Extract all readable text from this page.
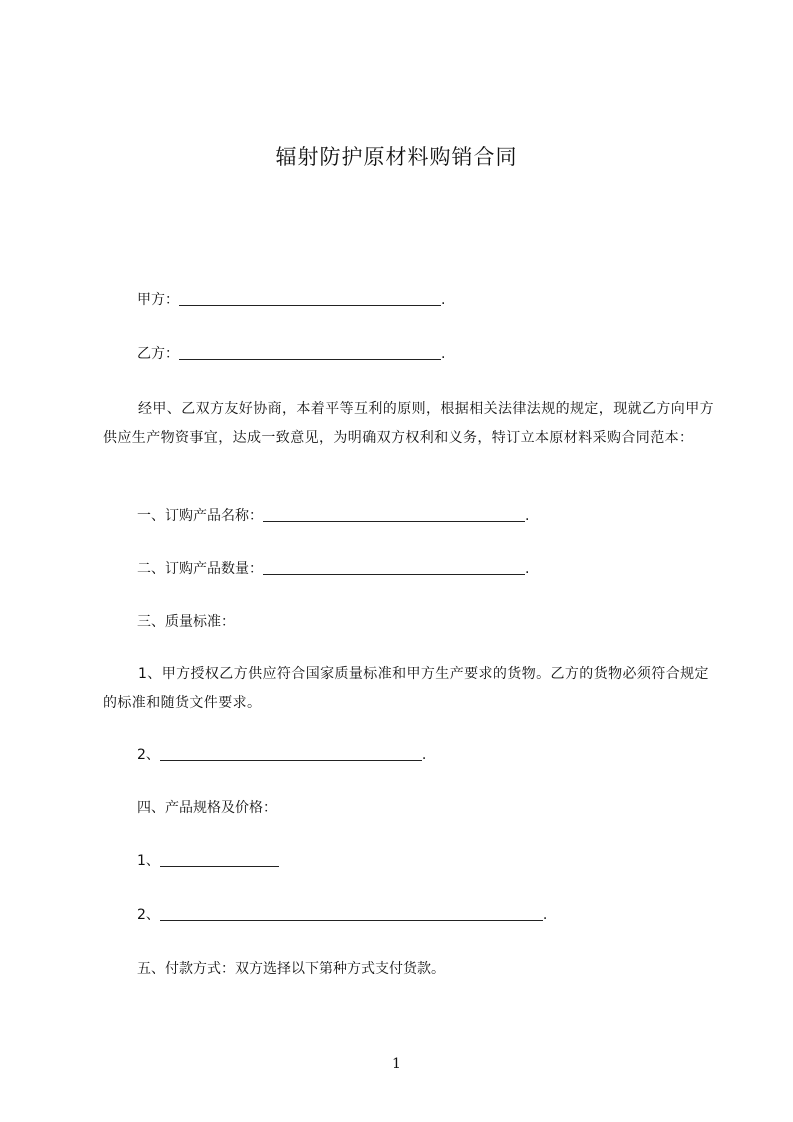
辐射防护原材料购销合同
甲方：	.
乙方：	.
经甲、乙双方友好协商，本着平等互利的原则，根据相关法律法规的规定，现就乙方向甲方供应生产物资事宜，达成一致意见，为明确双方权利和义务，特订立本原材料采购合同范本：
一、订购产品名称：	.
二、订购产品数量：	.
三、质量标准：
1、甲方授权乙方供应符合国家质量标准和甲方生产要求的货物。乙方的货物必须符合规定的标准和随货文件要求。
2、	.
四、产品规格及价格：
1、
2、	.
五、付款方式：双方选择以下第种方式支付货款。
1
